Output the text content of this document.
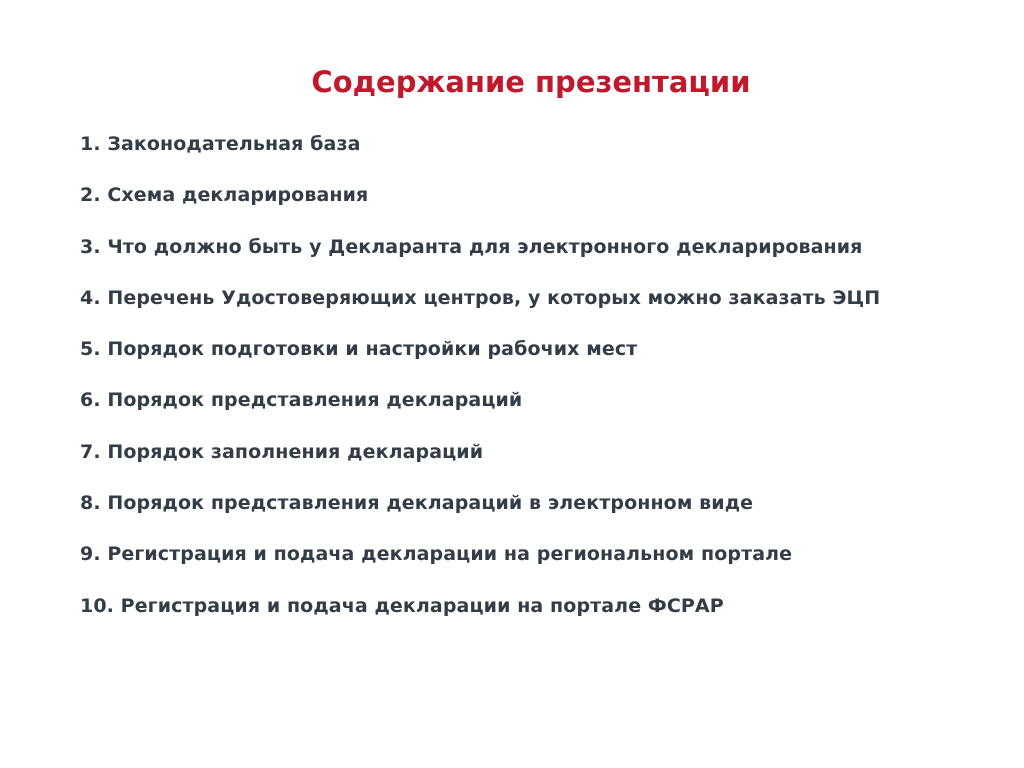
Содержание презентации
1. Законодательная база
2. Схема декларирования
3. Что должно быть у Декларанта для электронного декларирования
4. Перечень Удостоверяющих центров, у которых можно заказать ЭЦП
5. Порядок подготовки и настройки рабочих мест
6. Порядок представления деклараций
7. Порядок заполнения деклараций
8. Порядок представления деклараций в электронном виде
9. Регистрация и подача декларации на региональном портале
10. Регистрация и подача декларации на портале ФСРАР
